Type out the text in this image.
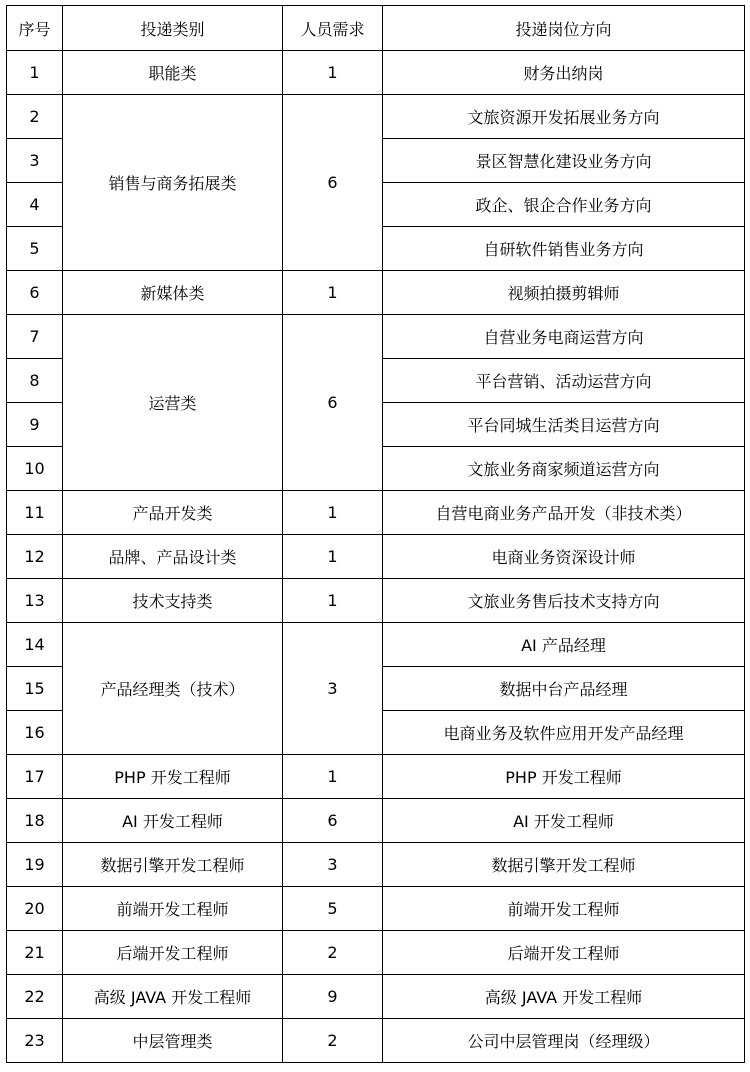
序号	投递类别	人员需求	投递岗位方向
1	职能类	1	财务出纳岗
2	销售与商务拓展类	6	文旅资源开发拓展业务方向
3			景区智慧化建设业务方向
4			政企、银企合作业务方向
5			自研软件销售业务方向
6	新媒体类	1	视频拍摄剪辑师
7	运营类	6	自营业务电商运营方向
8			平台营销、活动运营方向
9			平台同城生活类目运营方向
10			文旅业务商家频道运营方向
11	产品开发类	1	自营电商业务产品开发（非技术类）
12	品牌、产品设计类	1	电商业务资深设计师
13	技术支持类	1	文旅业务售后技术支持方向
14	产品经理类（技术）	3	AI 产品经理
15			数据中台产品经理
16			电商业务及软件应用开发产品经理
17	PHP 开发工程师	1	PHP 开发工程师
18	AI 开发工程师	6	AI 开发工程师
19	数据引擎开发工程师	3	数据引擎开发工程师
20	前端开发工程师	5	前端开发工程师
21	后端开发工程师	2	后端开发工程师
22	高级 JAVA 开发工程师	9	高级 JAVA 开发工程师
23	中层管理类	2	公司中层管理岗（经理级）
